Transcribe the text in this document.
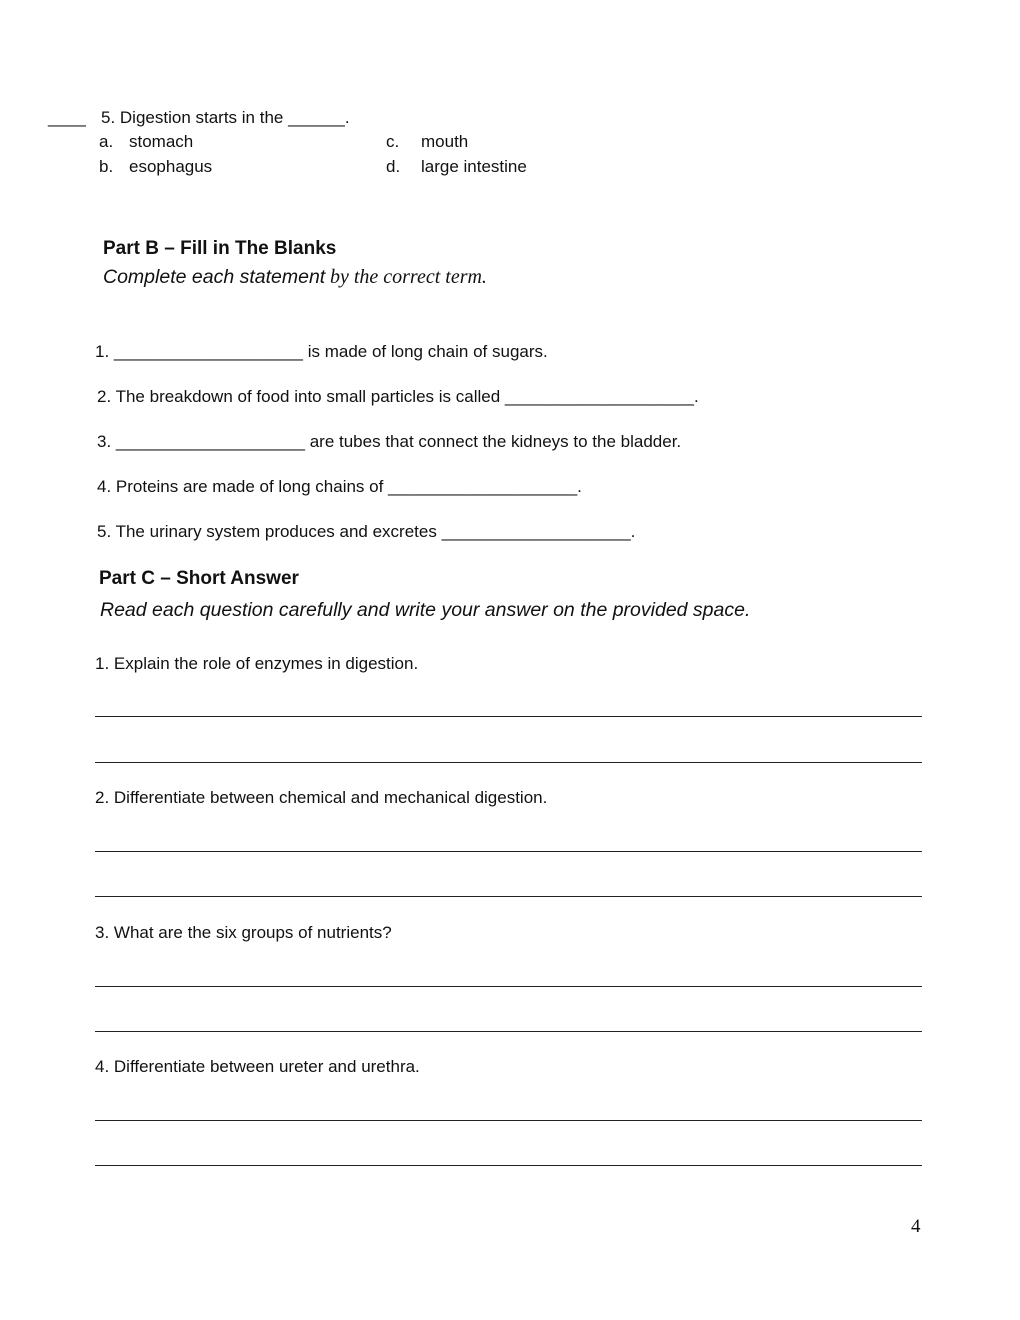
____ 5. Digestion starts in the ______.
a. stomach
b. esophagus
c. mouth
d. large intestine
Part B – Fill in The Blanks
Complete each statement by the correct term.
1. ____________________ is made of long chain of sugars.
2. The breakdown of food into small particles is called ____________________.
3. ____________________ are tubes that connect the kidneys to the bladder.
4. Proteins are made of long chains of ____________________.
5. The urinary system produces and excretes ____________________.
Part C – Short Answer
Read each question carefully and write your answer on the provided space.
1. Explain the role of enzymes in digestion.
2. Differentiate between chemical and mechanical digestion.
3. What are the six groups of nutrients?
4. Differentiate between ureter and urethra.
4
